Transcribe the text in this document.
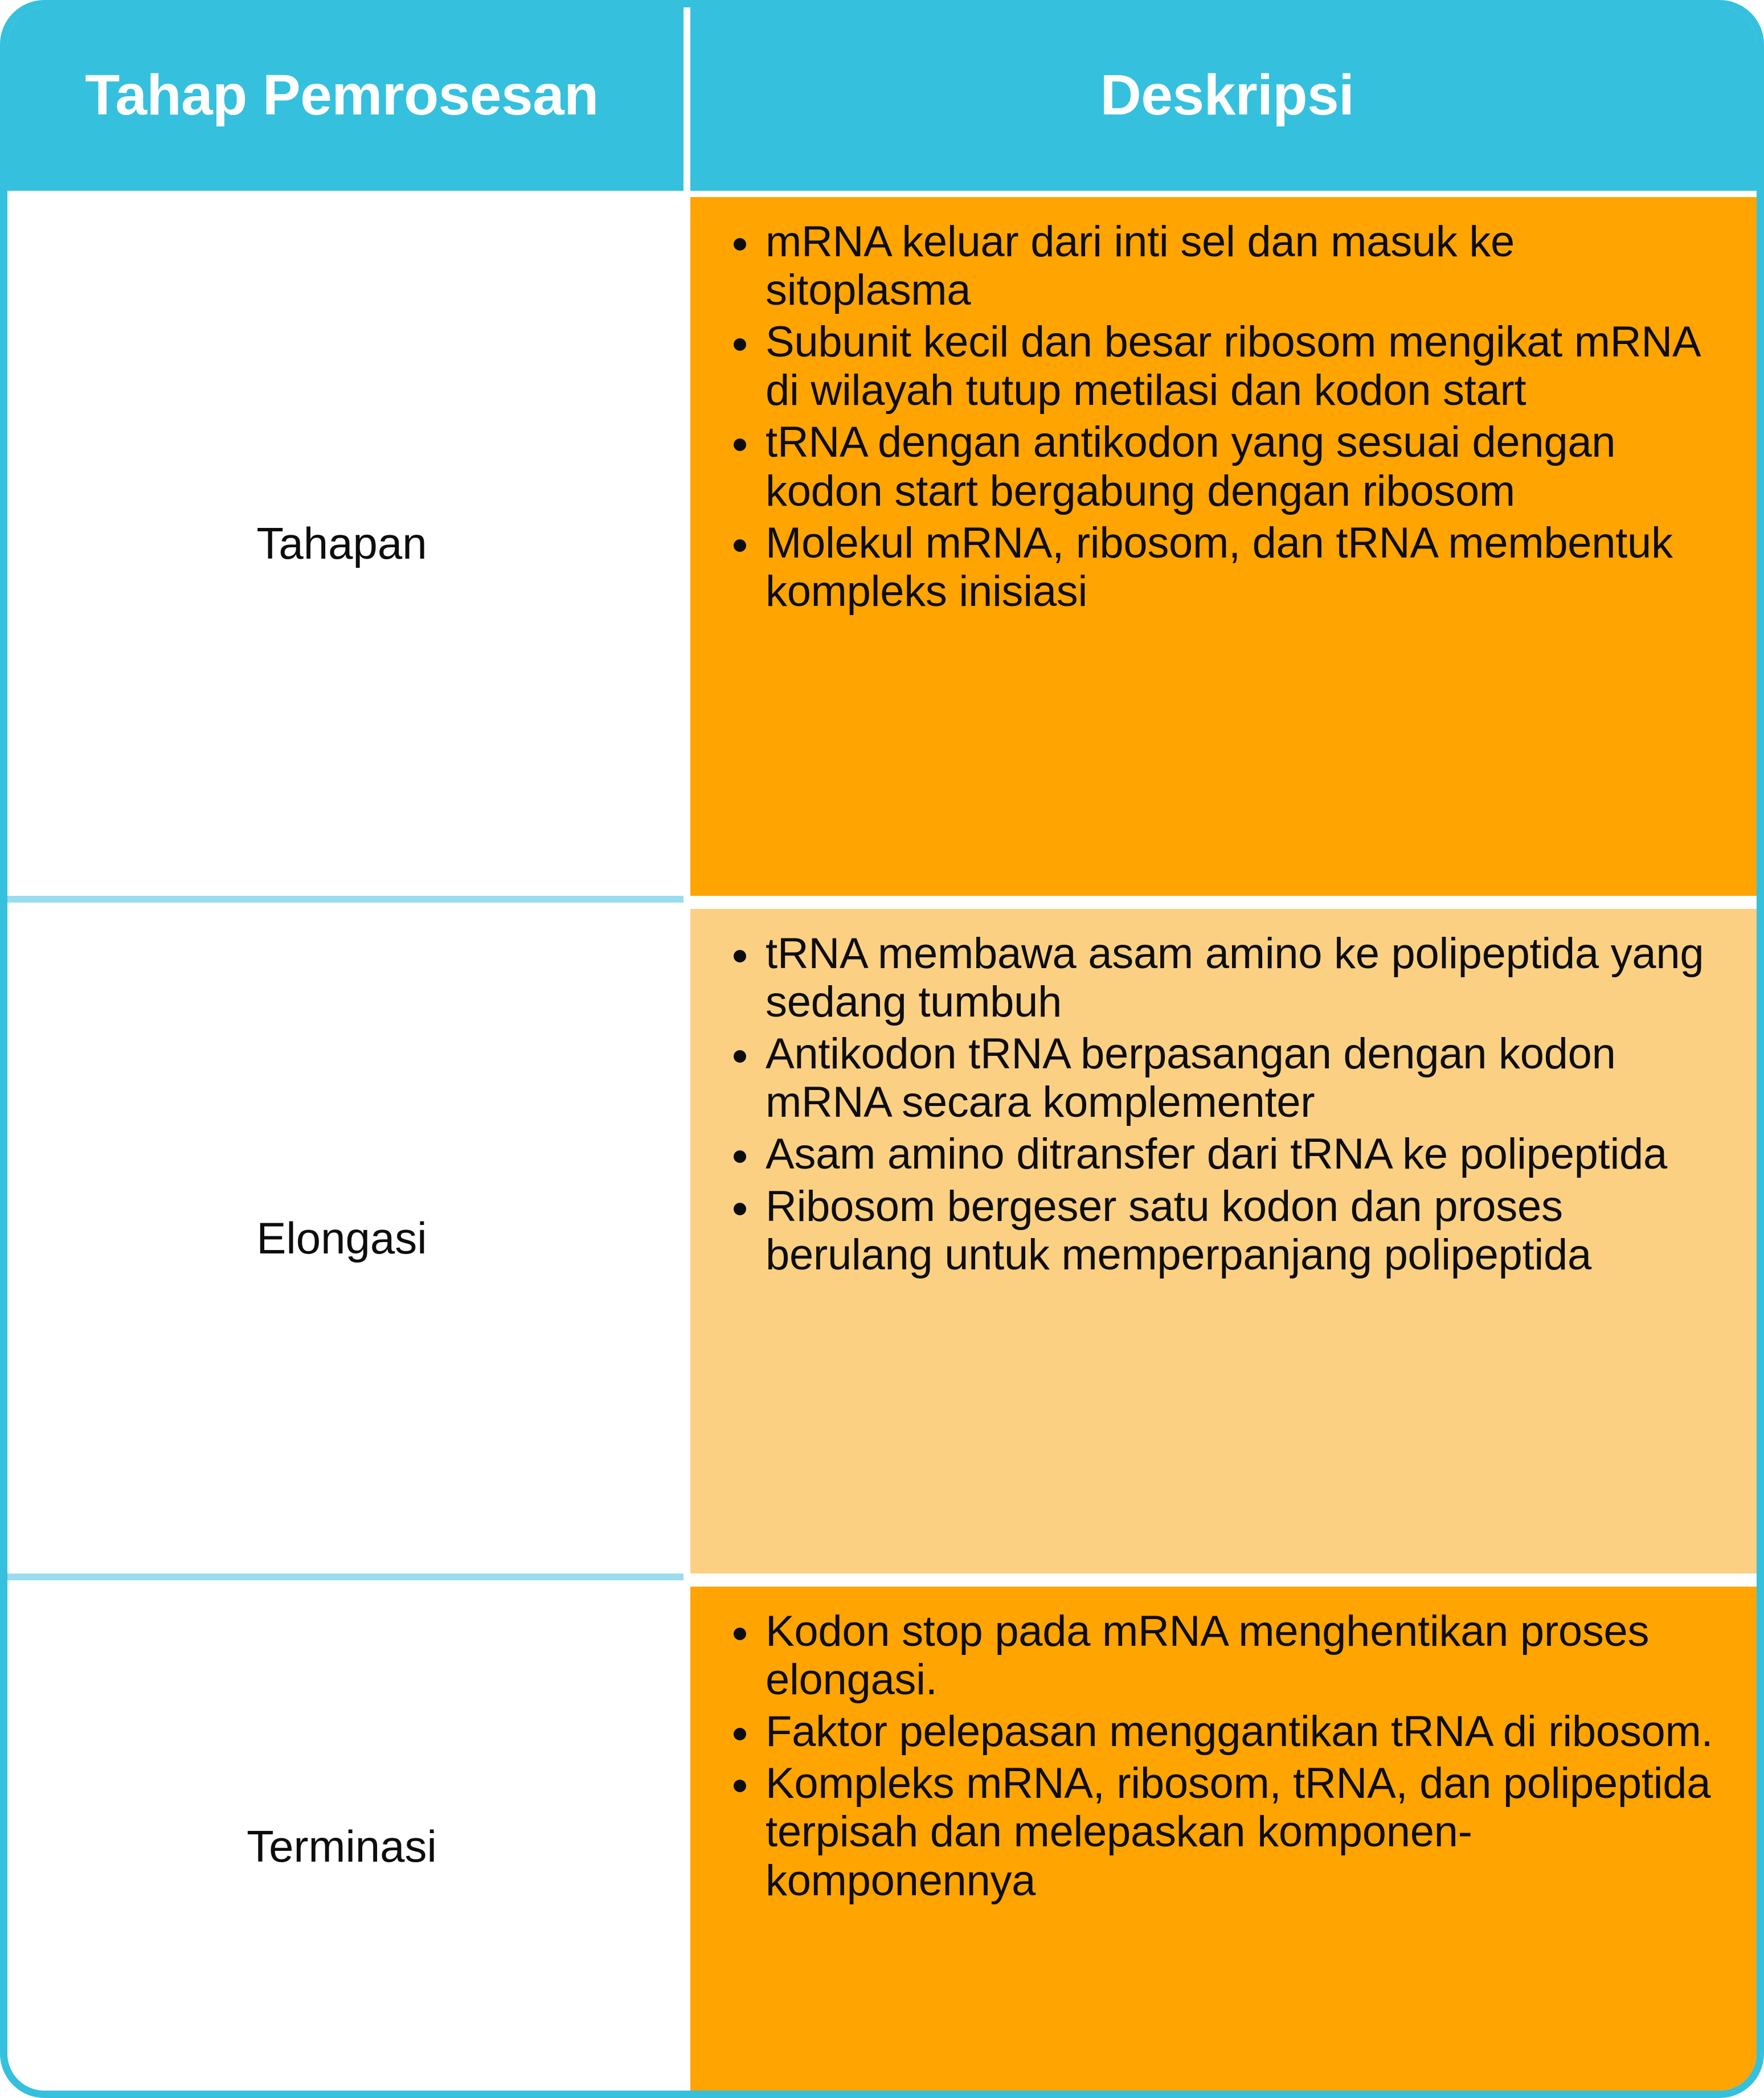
Tahap Pemrosesan	Deskripsi
Tahapan
mRNA keluar dari inti sel dan masuk ke sitoplasma
Subunit kecil dan besar ribosom mengikat mRNA di wilayah tutup metilasi dan kodon start
tRNA dengan antikodon yang sesuai dengan kodon start bergabung dengan ribosom
Molekul mRNA, ribosom, dan tRNA membentuk kompleks inisiasi
Elongasi
tRNA membawa asam amino ke polipeptida yang sedang tumbuh
Antikodon tRNA berpasangan dengan kodon mRNA secara komplementer
Asam amino ditransfer dari tRNA ke polipeptida
Ribosom bergeser satu kodon dan proses berulang untuk memperpanjang polipeptida
Terminasi
Kodon stop pada mRNA menghentikan proses elongasi.
Faktor pelepasan menggantikan tRNA di ribosom.
Kompleks mRNA, ribosom, tRNA, dan polipeptida terpisah dan melepaskan komponen-komponennya
